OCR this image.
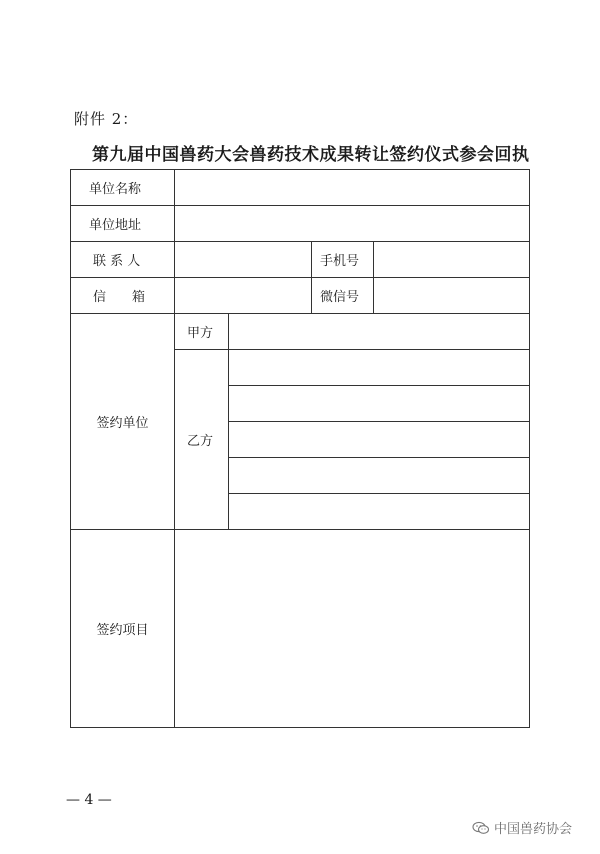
附件 2：
第九届中国兽药大会兽药技术成果转让签约仪式参会回执
单位名称				
单位地址				
联 系 人			手机号	
信　　箱			微信号	
签约单位	甲方			
	乙方			

签约项目				
— 4 —
中国兽药协会
